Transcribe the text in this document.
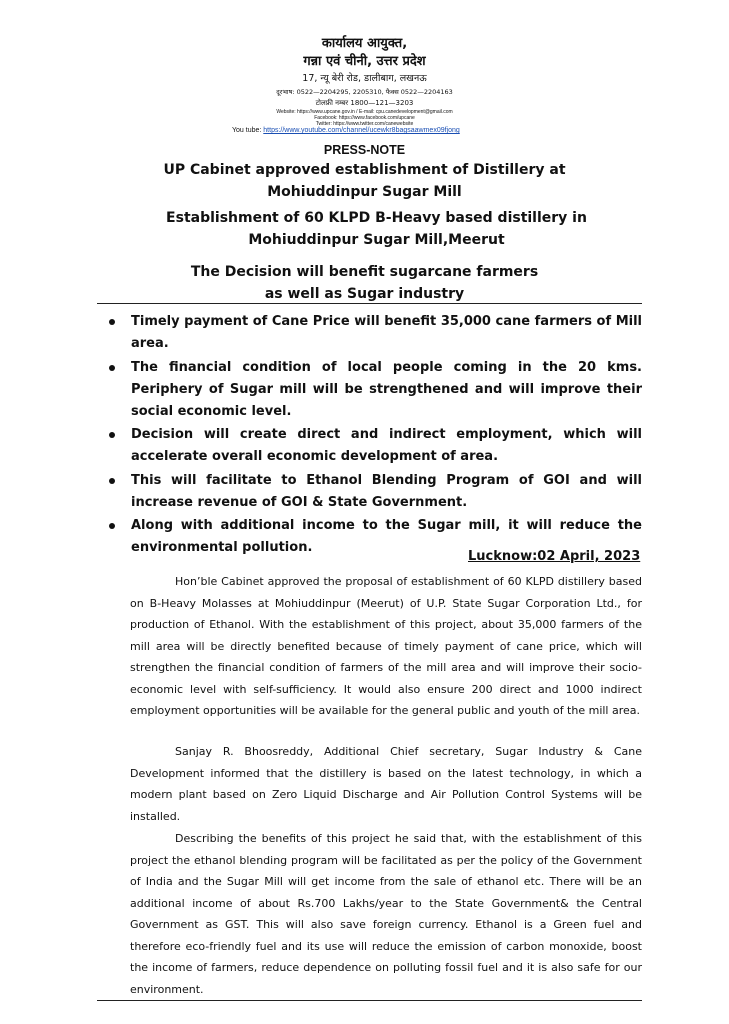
कार्यालय आयुक्त,
गन्ना एवं चीनी, उत्तर प्रदेश
17, न्यू बेरी रोड, डालीबाग, लखनऊ
दूरभाष: 0522—2204295, 2205310, फैक्स 0522—2204163
टोलफ्री नम्बर 1800—121—3203
Website: https://www.upcane.gov.in / E-mail: cpu.canedevelopment@gmail.com
Facebook: https://www.facebook.com/upcane
Twitter: https://www.twitter.com/canewebsite
You tube: https://www.youtube.com/channel/ucewkr8bagsaawmex09fjong
PRESS-NOTE
UP Cabinet approved establishment of Distillery at
Mohiuddinpur Sugar Mill
Establishment of 60 KLPD B-Heavy based distillery in
Mohiuddinpur Sugar Mill,Meerut
The Decision will benefit sugarcane farmers
as well as Sugar industry
Timely payment of Cane Price will benefit 35,000 cane farmers of Mill area.
The financial condition of local people coming in the 20 kms. Periphery of Sugar mill will be strengthened and will improve their social economic level.
Decision will create direct and indirect employment, which will accelerate overall economic development of area.
This will facilitate to Ethanol Blending Program of GOI and will increase revenue of GOI & State Government.
Along with additional income to the Sugar mill, it will reduce the environmental pollution.
Lucknow:02 April, 2023

Hon’ble Cabinet approved the proposal of establishment of 60 KLPD distillery based on B-Heavy Molasses at Mohiuddinpur (Meerut) of U.P. State Sugar Corporation Ltd., for production of Ethanol. With the establishment of this project, about 35,000 farmers of the mill area will be directly benefited because of timely payment of cane price, which will strengthen the financial condition of farmers of the mill area and will improve their socio-economic level with self-sufficiency. It would also ensure 200 direct and 1000 indirect employment opportunities will be available for the general public and youth of the mill area.

Sanjay R. Bhoosreddy, Additional Chief secretary, Sugar Industry & Cane Development informed that the distillery is based on the latest technology, in which a modern plant based on Zero Liquid Discharge and Air Pollution Control Systems will be installed.

Describing the benefits of this project he said that, with the establishment of this project the ethanol blending program will be facilitated as per the policy of the Government of India and the Sugar Mill will get income from the sale of ethanol etc. There will be an additional income of about Rs.700 Lakhs/year to the State Government& the Central Government as GST. This will also save foreign currency. Ethanol is a Green fuel and therefore eco-friendly fuel and its use will reduce the emission of carbon monoxide, boost the income of farmers, reduce dependence on polluting fossil fuel and it is also safe for our environment.
